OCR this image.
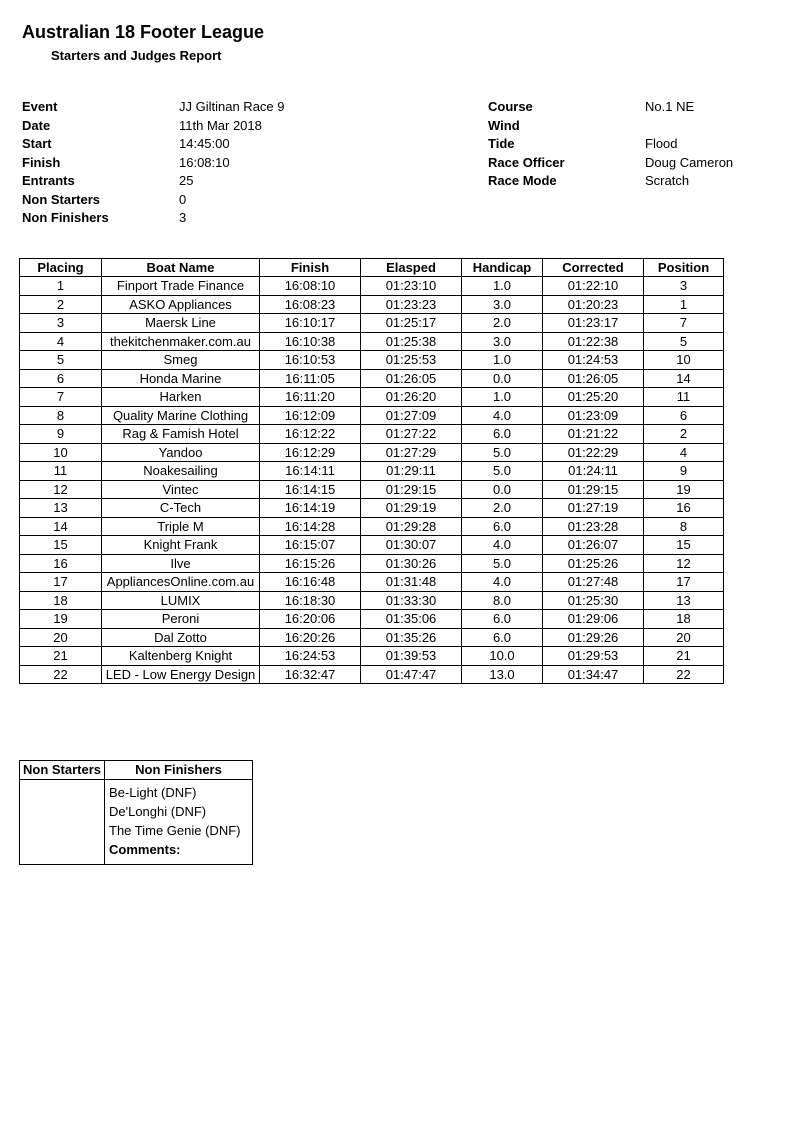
Australian 18 Footer League
Starters and Judges Report
Event	JJ Giltinan Race 9
Date	11th Mar 2018
Start	14:45:00
Finish	16:08:10
Entrants	25
Non Starters	0
Non Finishers	3
Course	No.1 NE
Wind
Tide	Flood
Race Officer	Doug Cameron
Race Mode	Scratch
Placing	Boat Name	Finish	Elasped	Handicap	Corrected	Position
1	Finport Trade Finance	16:08:10	01:23:10	1.0	01:22:10	3
2	ASKO Appliances	16:08:23	01:23:23	3.0	01:20:23	1
3	Maersk Line	16:10:17	01:25:17	2.0	01:23:17	7
4	thekitchenmaker.com.au	16:10:38	01:25:38	3.0	01:22:38	5
5	Smeg	16:10:53	01:25:53	1.0	01:24:53	10
6	Honda Marine	16:11:05	01:26:05	0.0	01:26:05	14
7	Harken	16:11:20	01:26:20	1.0	01:25:20	11
8	Quality Marine Clothing	16:12:09	01:27:09	4.0	01:23:09	6
9	Rag & Famish Hotel	16:12:22	01:27:22	6.0	01:21:22	2
10	Yandoo	16:12:29	01:27:29	5.0	01:22:29	4
11	Noakesailing	16:14:11	01:29:11	5.0	01:24:11	9
12	Vintec	16:14:15	01:29:15	0.0	01:29:15	19
13	C-Tech	16:14:19	01:29:19	2.0	01:27:19	16
14	Triple M	16:14:28	01:29:28	6.0	01:23:28	8
15	Knight Frank	16:15:07	01:30:07	4.0	01:26:07	15
16	Ilve	16:15:26	01:30:26	5.0	01:25:26	12
17	AppliancesOnline.com.au	16:16:48	01:31:48	4.0	01:27:48	17
18	LUMIX	16:18:30	01:33:30	8.0	01:25:30	13
19	Peroni	16:20:06	01:35:06	6.0	01:29:06	18
20	Dal Zotto	16:20:26	01:35:26	6.0	01:29:26	20
21	Kaltenberg Knight	16:24:53	01:39:53	10.0	01:29:53	21
22	LED - Low Energy Design	16:32:47	01:47:47	13.0	01:34:47	22
Non Starters	Non Finishers

	Be-Light (DNF)
De'Longhi (DNF)
The Time Genie (DNF)
Comments:
